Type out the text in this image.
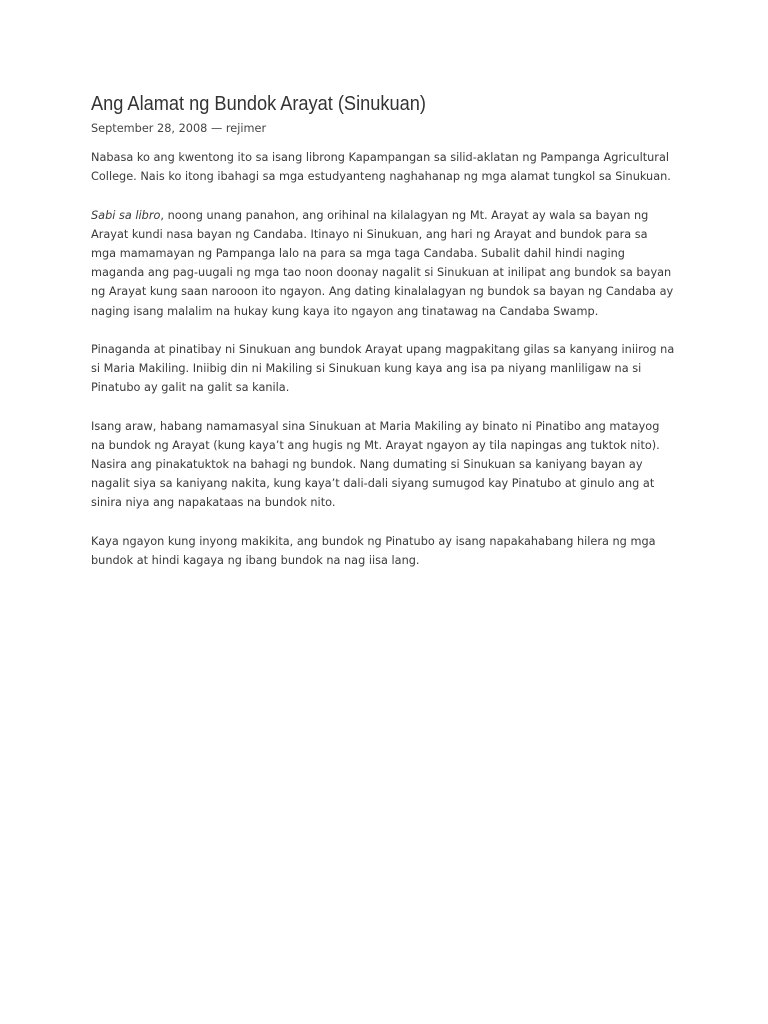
Ang Alamat ng Bundok Arayat (Sinukuan)
September 28, 2008 — rejimer

Nabasa ko ang kwentong ito sa isang librong Kapampangan sa silid-aklatan ng Pampanga Agricultural
College. Nais ko itong ibahagi sa mga estudyanteng naghahanap ng mga alamat tungkol sa Sinukuan.

Sabi sa libro, noong unang panahon, ang orihinal na kilalagyan ng Mt. Arayat ay wala sa bayan ng
Arayat kundi nasa bayan ng Candaba. Itinayo ni Sinukuan, ang hari ng Arayat and bundok para sa
mga mamamayan ng Pampanga lalo na para sa mga taga Candaba. Subalit dahil hindi naging
maganda ang pag-uugali ng mga tao noon doonay nagalit si Sinukuan at inilipat ang bundok sa bayan
ng Arayat kung saan narooon ito ngayon. Ang dating kinalalagyan ng bundok sa bayan ng Candaba ay
naging isang malalim na hukay kung kaya ito ngayon ang tinatawag na Candaba Swamp.

Pinaganda at pinatibay ni Sinukuan ang bundok Arayat upang magpakitang gilas sa kanyang iniirog na
si Maria Makiling. Iniibig din ni Makiling si Sinukuan kung kaya ang isa pa niyang manliligaw na si
Pinatubo ay galit na galit sa kanila.

Isang araw, habang namamasyal sina Sinukuan at Maria Makiling ay binato ni Pinatibo ang matayog
na bundok ng Arayat (kung kaya’t ang hugis ng Mt. Arayat ngayon ay tila napingas ang tuktok nito).
Nasira ang pinakatuktok na bahagi ng bundok. Nang dumating si Sinukuan sa kaniyang bayan ay
nagalit siya sa kaniyang nakita, kung kaya’t dali-dali siyang sumugod kay Pinatubo at ginulo ang at
sinira niya ang napakataas na bundok nito.

Kaya ngayon kung inyong makikita, ang bundok ng Pinatubo ay isang napakahabang hilera ng mga
bundok at hindi kagaya ng ibang bundok na nag iisa lang.
